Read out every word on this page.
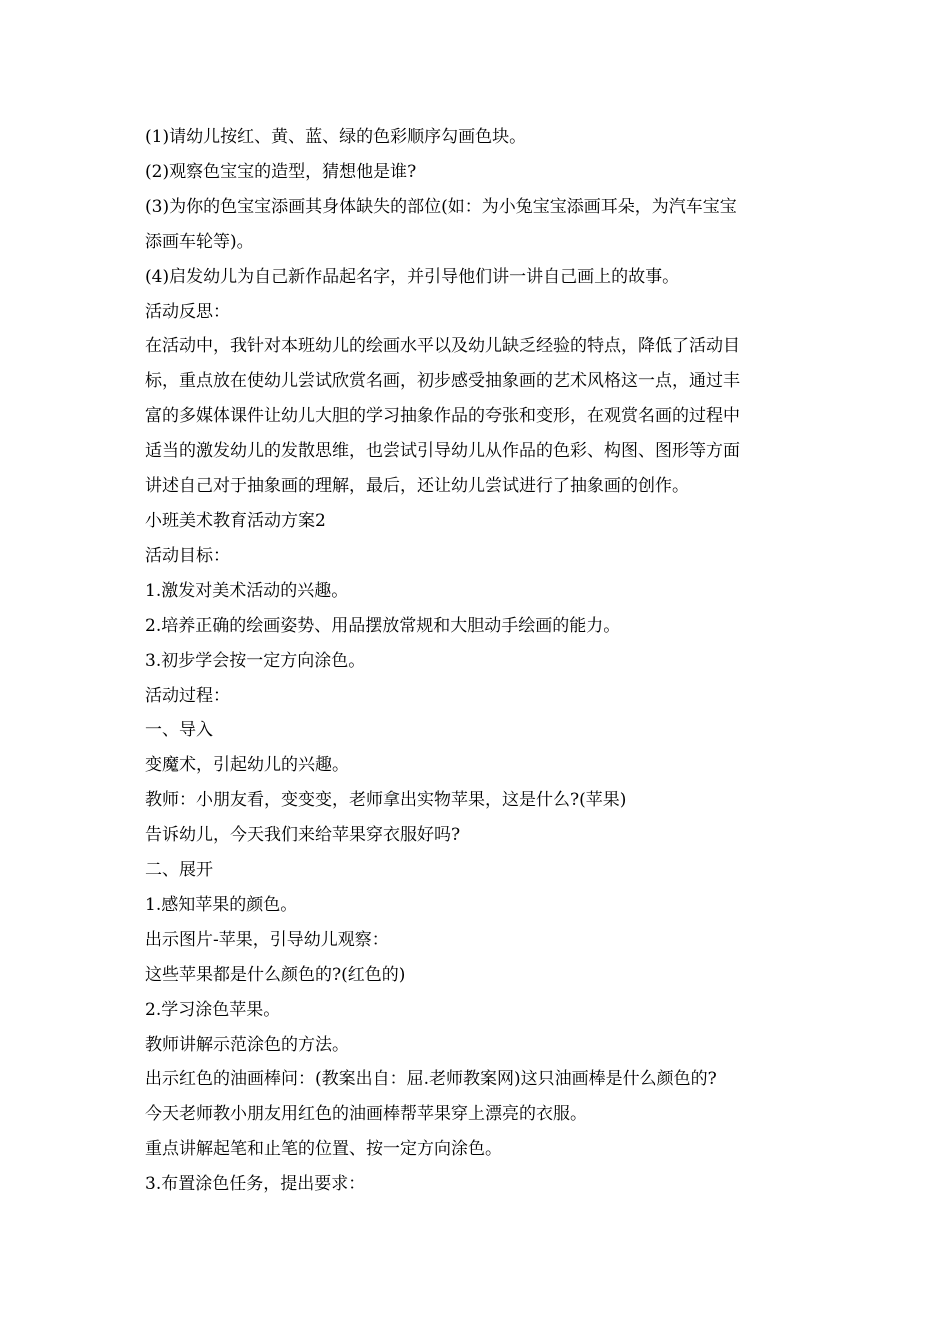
(1)请幼儿按红、黄、蓝、绿的色彩顺序勾画色块。

(2)观察色宝宝的造型，猜想他是谁?

(3)为你的色宝宝添画其身体缺失的部位(如：为小兔宝宝添画耳朵，为汽车宝宝

添画车轮等)。

(4)启发幼儿为自己新作品起名字，并引导他们讲一讲自己画上的故事。

活动反思：

在活动中，我针对本班幼儿的绘画水平以及幼儿缺乏经验的特点，降低了活动目

标，重点放在使幼儿尝试欣赏名画，初步感受抽象画的艺术风格这一点，通过丰

富的多媒体课件让幼儿大胆的学习抽象作品的夸张和变形，在观赏名画的过程中

适当的激发幼儿的发散思维，也尝试引导幼儿从作品的色彩、构图、图形等方面

讲述自己对于抽象画的理解，最后，还让幼儿尝试进行了抽象画的创作。

小班美术教育活动方案2

活动目标：

1.激发对美术活动的兴趣。

2.培养正确的绘画姿势、用品摆放常规和大胆动手绘画的能力。

3.初步学会按一定方向涂色。

活动过程：

一、导入

变魔术，引起幼儿的兴趣。

教师：小朋友看，变变变，老师拿出实物苹果，这是什么?(苹果)

告诉幼儿，今天我们来给苹果穿衣服好吗?

二、展开

1.感知苹果的颜色。

出示图片-苹果，引导幼儿观察：

这些苹果都是什么颜色的?(红色的)

2.学习涂色苹果。

教师讲解示范涂色的方法。

出示红色的油画棒问：(教案出自：屈.老师教案网)这只油画棒是什么颜色的?

今天老师教小朋友用红色的油画棒帮苹果穿上漂亮的衣服。

重点讲解起笔和止笔的位置、按一定方向涂色。

3.布置涂色任务，提出要求：
